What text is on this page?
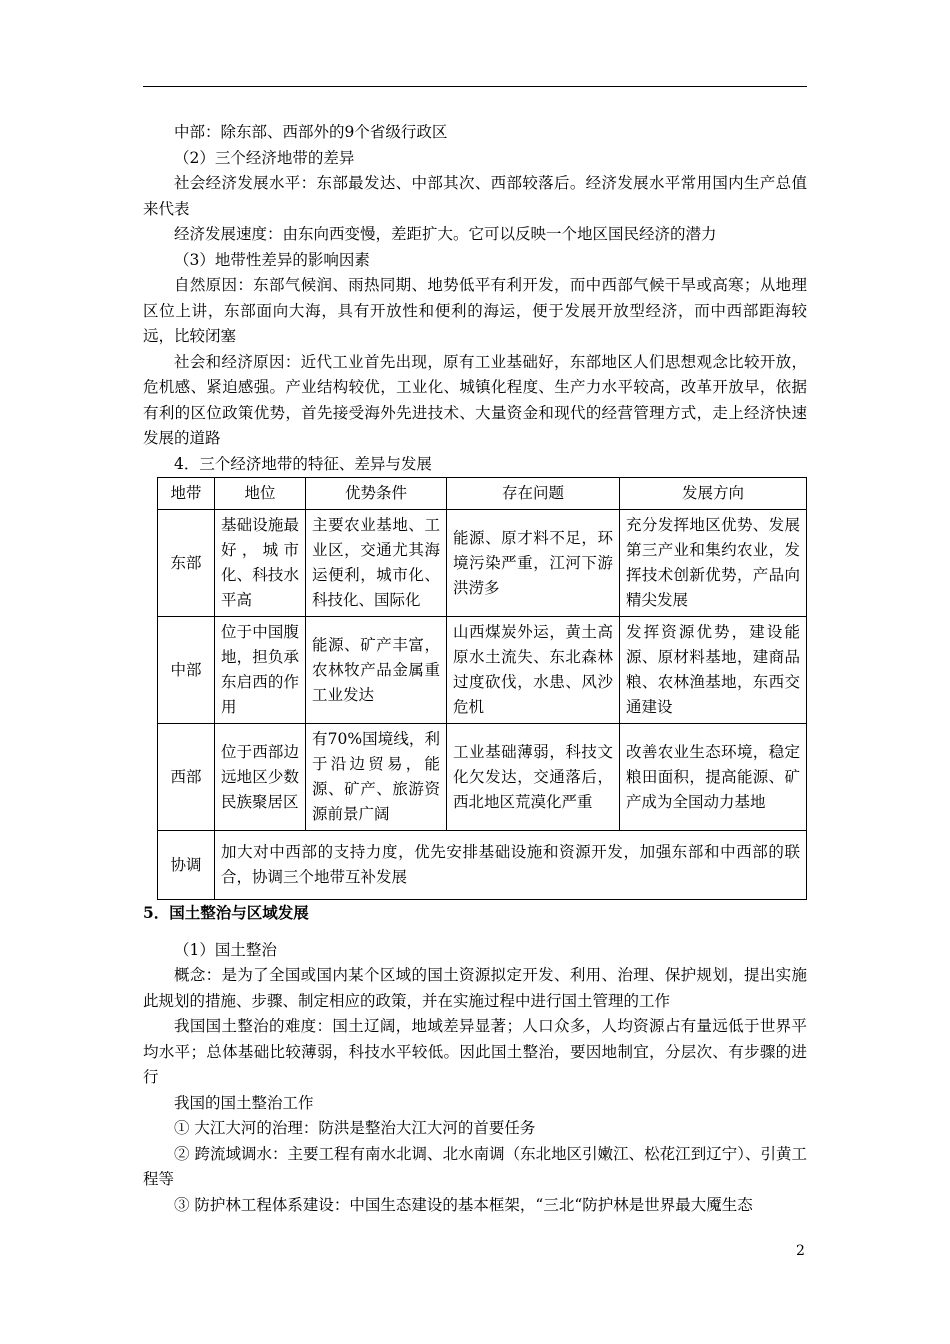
中部：除东部、西部外的9个省级行政区

（2）三个经济地带的差异

社会经济发展水平：东部最发达、中部其次、西部较落后。经济发展水平常用国内生产总值来代表

经济发展速度：由东向西变慢，差距扩大。它可以反映一个地区国民经济的潜力

（3）地带性差异的影响因素

自然原因：东部气候润、雨热同期、地势低平有利开发，而中西部气候干旱或高寒；从地理区位上讲，东部面向大海，具有开放性和便利的海运，便于发展开放型经济，而中西部距海较远，比较闭塞

社会和经济原因：近代工业首先出现，原有工业基础好，东部地区人们思想观念比较开放，危机感、紧迫感强。产业结构较优，工业化、城镇化程度、生产力水平较高，改革开放早，依据有利的区位政策优势，首先接受海外先进技术、大量资金和现代的经营管理方式，走上经济快速发展的道路

4．三个经济地带的特征、差异与发展

地带	地位	优势条件	存在问题	发展方向
东部	基础设施最好，城市化、科技水平高	主要农业基地、工业区，交通尤其海运便利，城市化、科技化、国际化	能源、原才料不足，环境污染严重，江河下游洪涝多	充分发挥地区优势、发展第三产业和集约农业，发挥技术创新优势，产品向精尖发展
中部	位于中国腹地，担负承东启西的作用	能源、矿产丰富，农林牧产品金属重工业发达	山西煤炭外运，黄土高原水土流失、东北森林过度砍伐，水患、风沙危机	发挥资源优势，建设能源、原材料基地，建商品粮、农林渔基地，东西交通建设
西部	位于西部边远地区少数民族聚居区	有70%国境线，利于沿边贸易，能源、矿产、旅游资源前景广阔	工业基础薄弱，科技文化欠发达，交通落后，西北地区荒漠化严重	改善农业生态环境，稳定粮田面积，提高能源、矿产成为全国动力基地
协调	加大对中西部的支持力度，优先安排基础设施和资源开发，加强东部和中西部的联合，协调三个地带互补发展			

5．国土整治与区域发展

（1）国土整治

概念：是为了全国或国内某个区域的国土资源拟定开发、利用、治理、保护规划，提出实施此规划的措施、步骤、制定相应的政策，并在实施过程中进行国土管理的工作

我国国土整治的难度：国土辽阔，地域差异显著；人口众多，人均资源占有量远低于世界平均水平；总体基础比较薄弱，科技水平较低。因此国土整治，要因地制宜，分层次、有步骤的进行

我国的国土整治工作

① 大江大河的治理：防洪是整治大江大河的首要任务

② 跨流域调水：主要工程有南水北调、北水南调（东北地区引嫩江、松花江到辽宁）、引黄工程等

③ 防护林工程体系建设：中国生态建设的基本框架，“三北“防护林是世界最大魇生态

2
